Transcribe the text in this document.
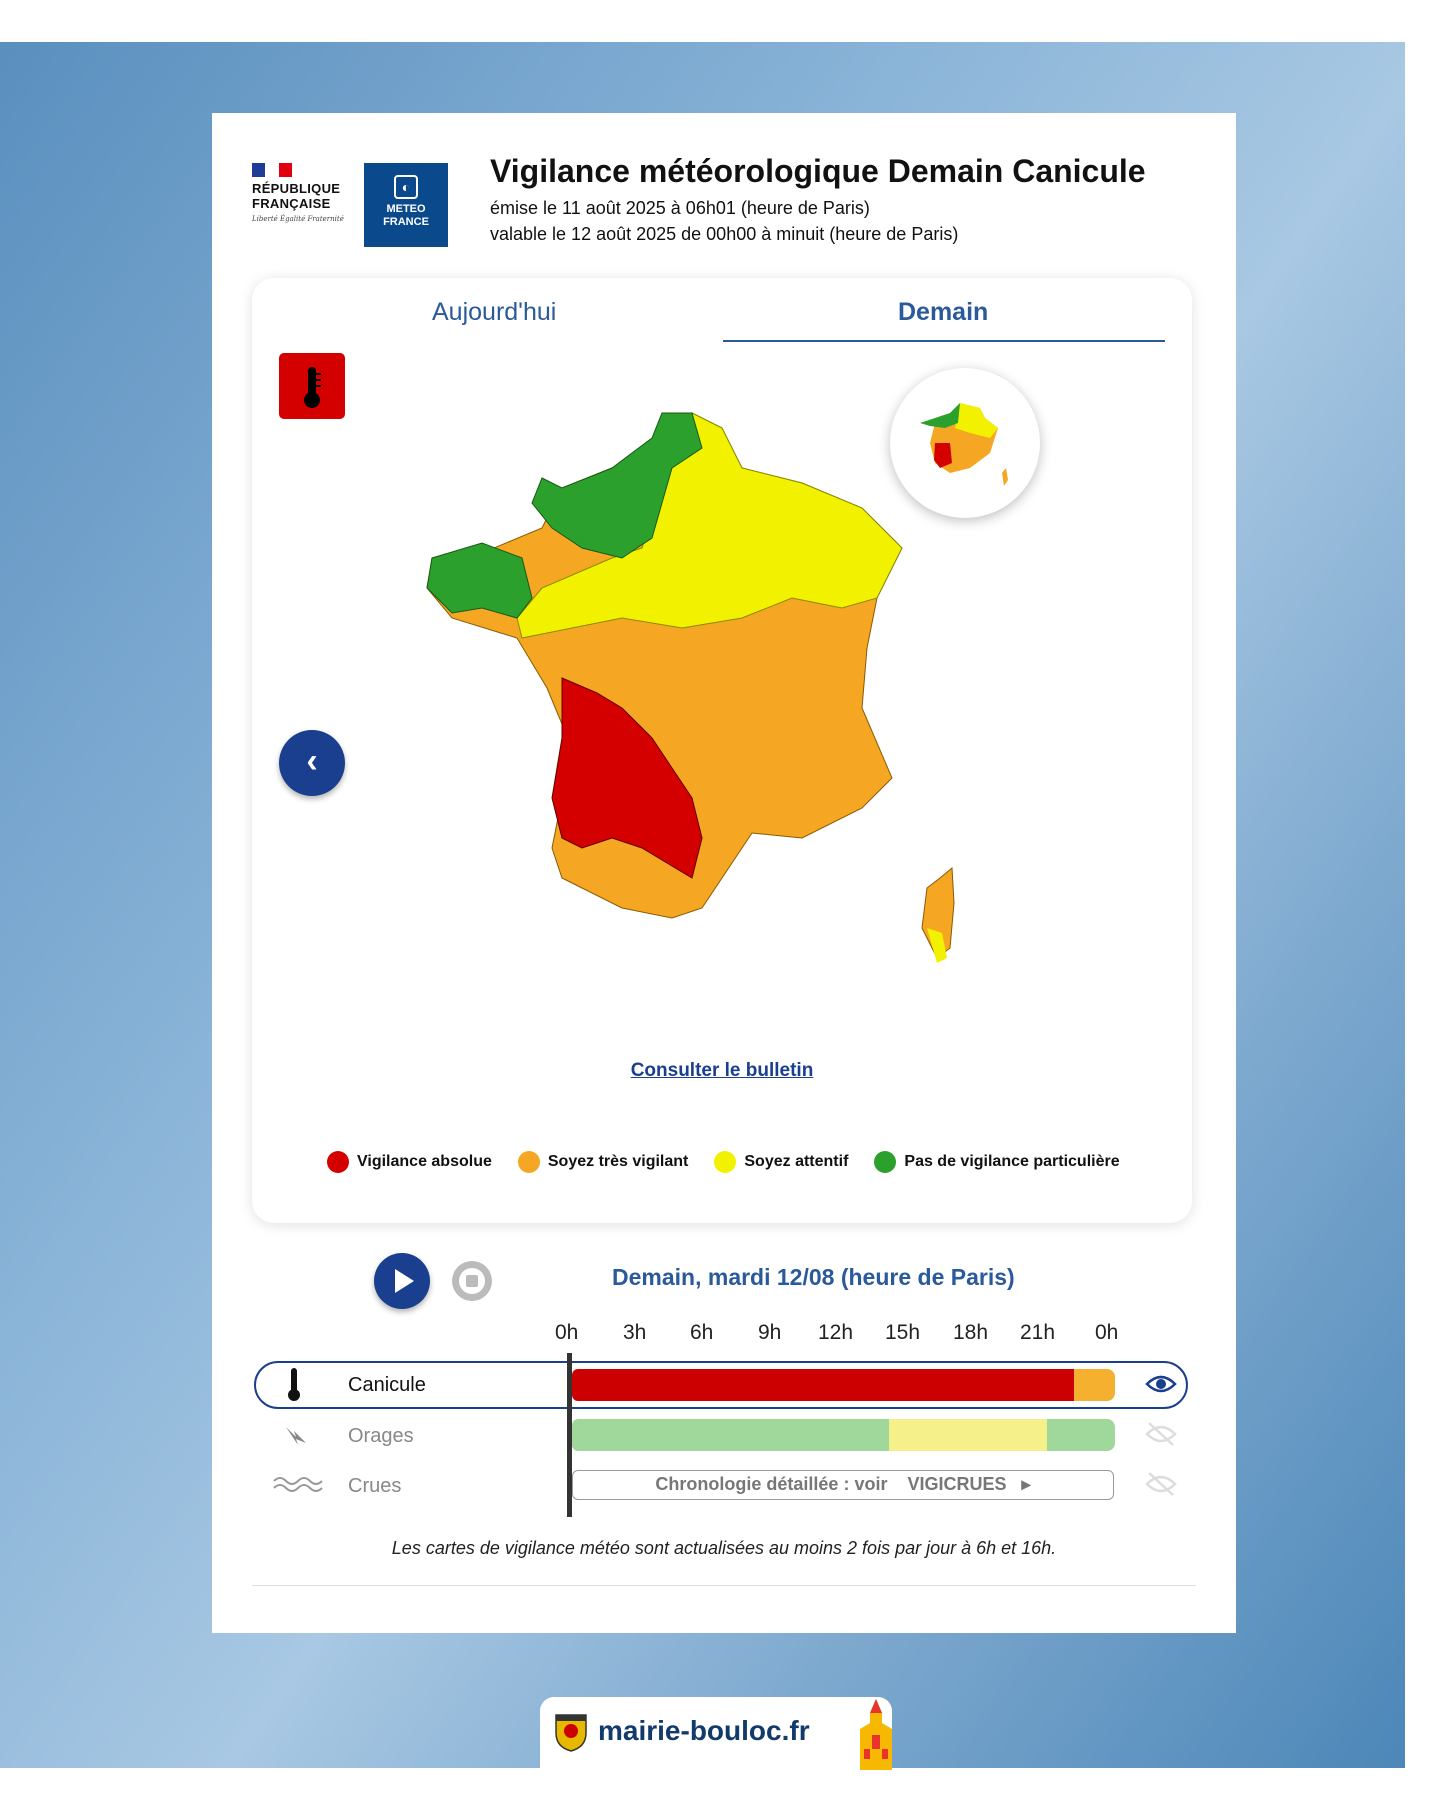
RÉPUBLIQUE
FRANÇAISE
Liberté Égalité Fraternité
◐
METEO
FRANCE
Vigilance météorologique Demain Canicule
émise le 11 août 2025 à 06h01 (heure de Paris)
valable le 12 août 2025 de 00h00 à minuit (heure de Paris)
Aujourd'hui	Demain
‹
Consulter le bulletin
Vigilance absolue	Soyez très vigilant	Soyez attentif	Pas de vigilance particulière
Demain, mardi 12/08 (heure de Paris)
0h 3h 6h 9h 12h 15h 18h 21h 0h
Canicule
Orages
Crues	Chronologie détaillée : voir VIGICRUES ▸
Les cartes de vigilance météo sont actualisées au moins 2 fois par jour à 6h et 16h.
mairie-bouloc.fr
